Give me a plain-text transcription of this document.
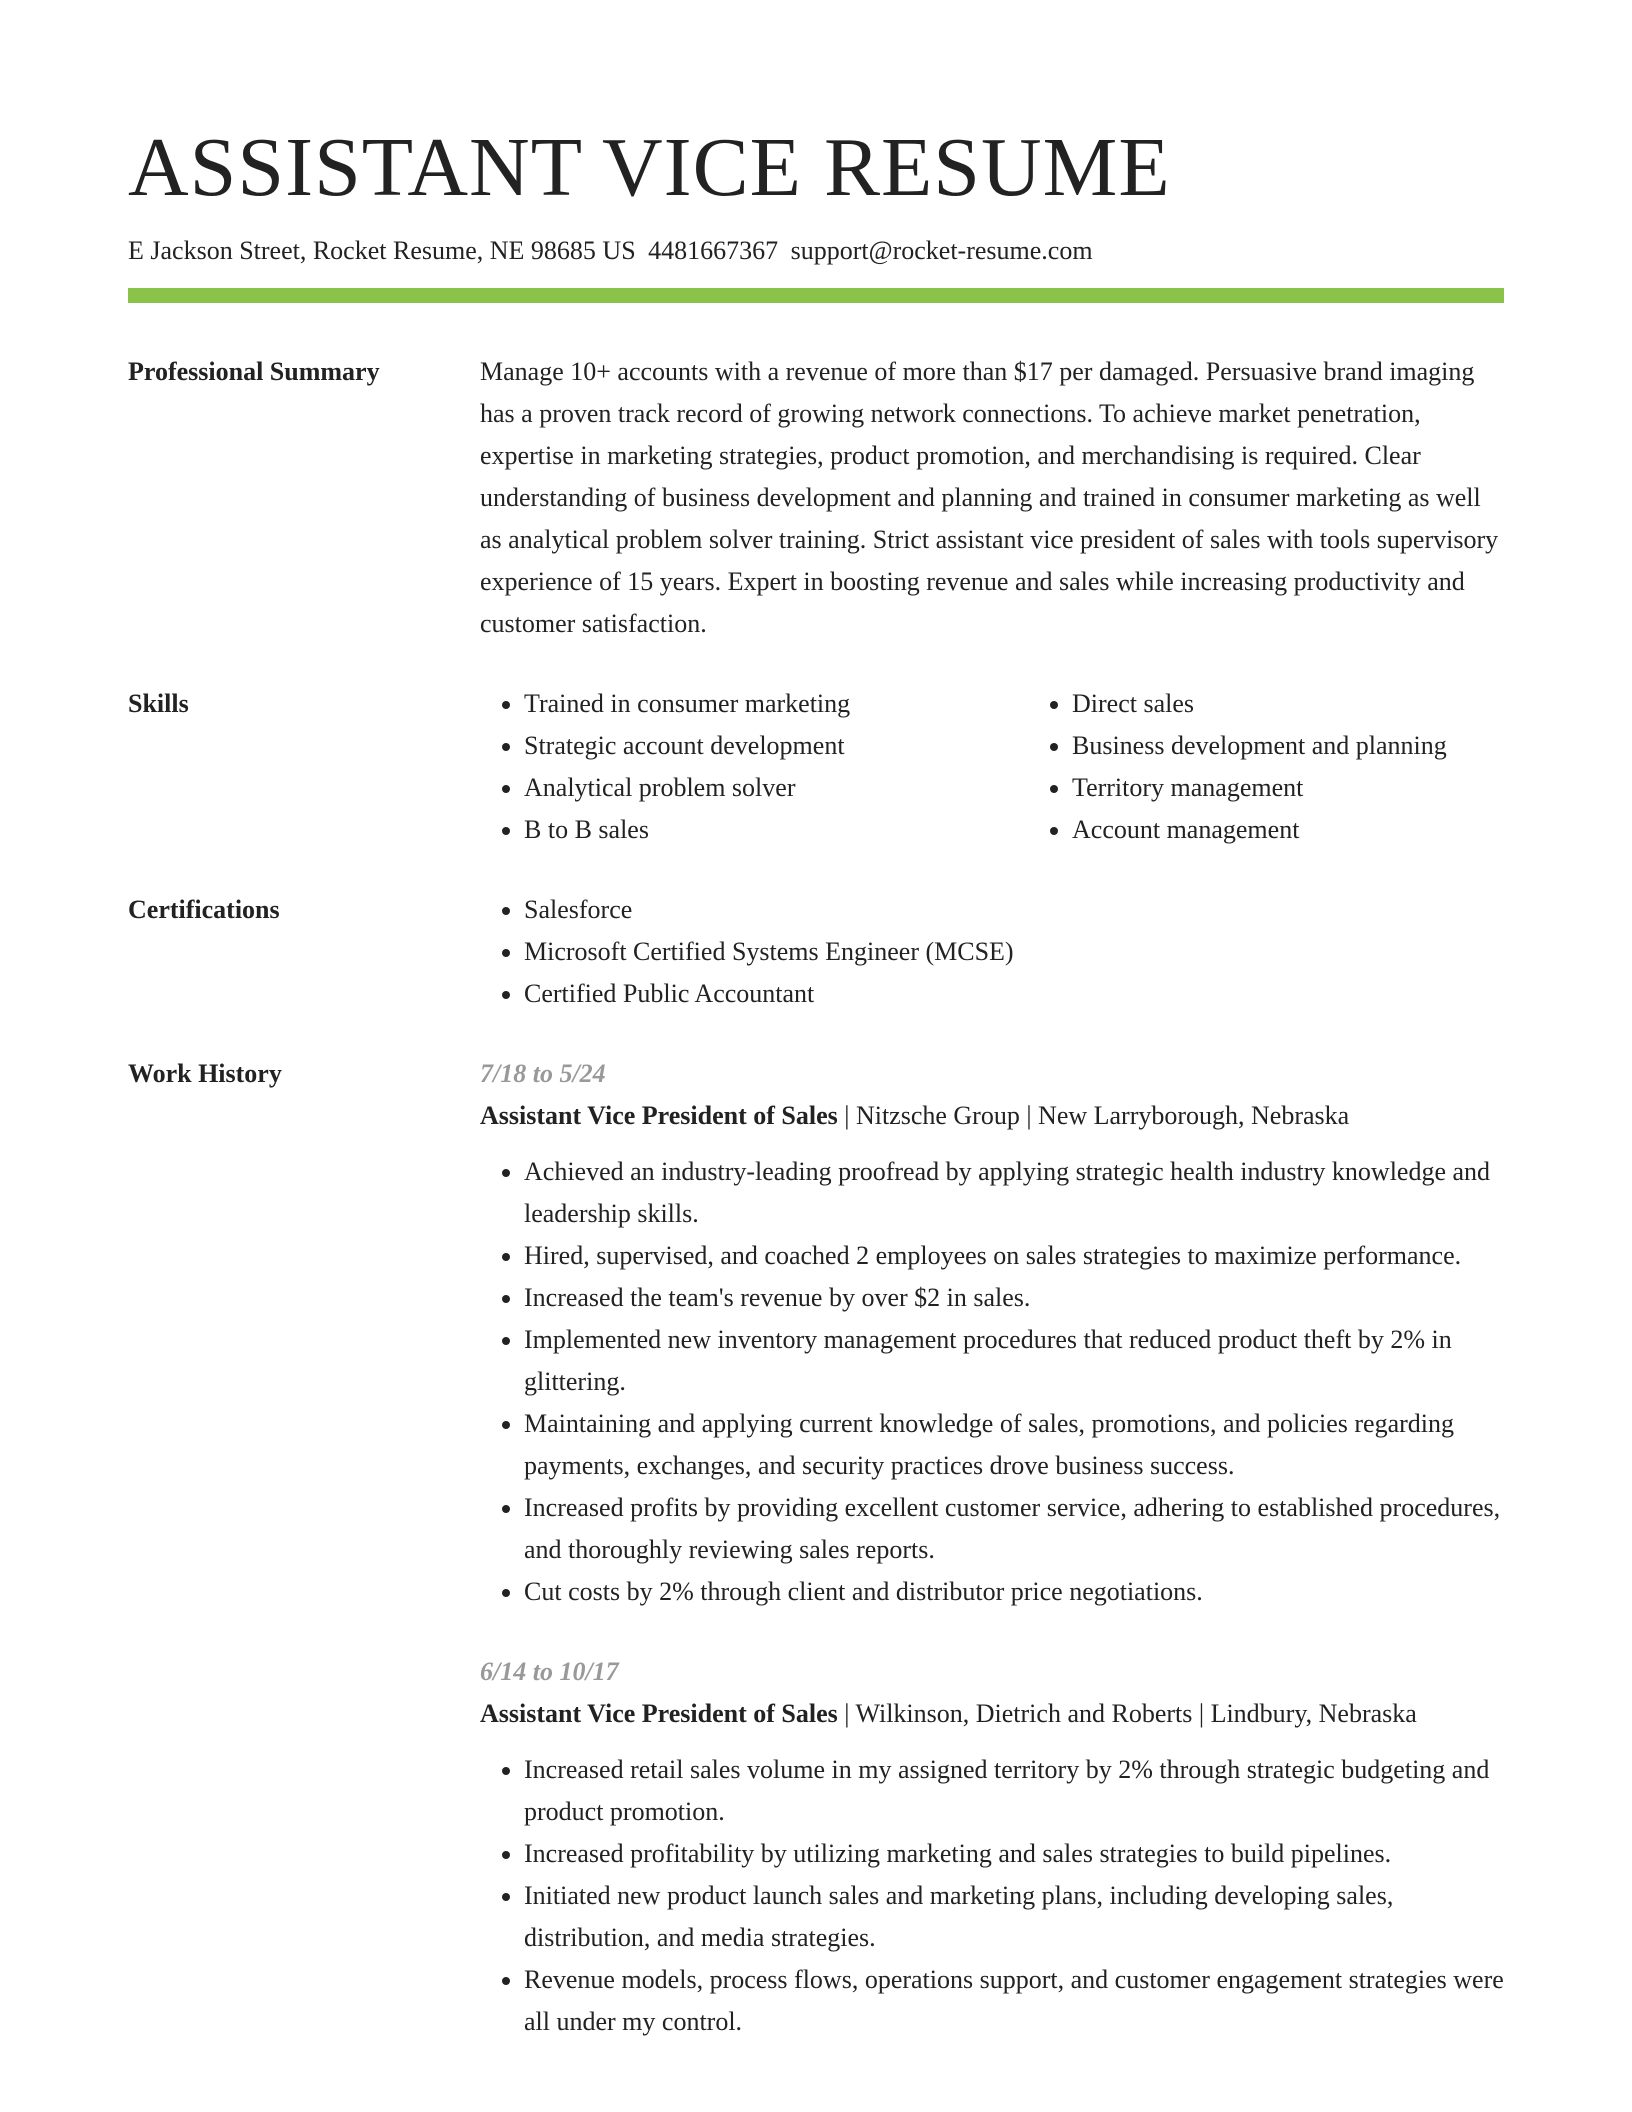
ASSISTANT VICE RESUME
E Jackson Street, Rocket Resume, NE 98685 US 4481667367 support@rocket-resume.com
Professional Summary	Manage 10+ accounts with a revenue of more than $17 per damaged. Persuasive brand imaging has a proven track record of growing network connections. To achieve market penetration, expertise in marketing strategies, product promotion, and merchandising is required. Clear understanding of business development and planning and trained in consumer marketing as well as analytical problem solver training. Strict assistant vice president of sales with tools supervisory experience of 15 years. Expert in boosting revenue and sales while increasing productivity and customer satisfaction.

Skills	• Trained in consumer marketing
• Strategic account development
• Analytical problem solver
• B to B sales
• Direct sales
• Business development and planning
• Territory management
• Account management
Certifications	• Salesforce
• Microsoft Certified Systems Engineer (MCSE)
• Certified Public Accountant
Work History	7/18 to 5/24
Assistant Vice President of Sales | Nitzsche Group | New Larryborough, Nebraska
• Achieved an industry-leading proofread by applying strategic health industry knowledge and leadership skills.
• Hired, supervised, and coached 2 employees on sales strategies to maximize performance.
• Increased the team's revenue by over $2 in sales.
• Implemented new inventory management procedures that reduced product theft by 2% in glittering.
• Maintaining and applying current knowledge of sales, promotions, and policies regarding payments, exchanges, and security practices drove business success.
• Increased profits by providing excellent customer service, adhering to established procedures, and thoroughly reviewing sales reports.
• Cut costs by 2% through client and distributor price negotiations.
6/14 to 10/17
Assistant Vice President of Sales | Wilkinson, Dietrich and Roberts | Lindbury, Nebraska
• Increased retail sales volume in my assigned territory by 2% through strategic budgeting and product promotion.
• Increased profitability by utilizing marketing and sales strategies to build pipelines.
• Initiated new product launch sales and marketing plans, including developing sales, distribution, and media strategies.
• Revenue models, process flows, operations support, and customer engagement strategies were all under my control.
